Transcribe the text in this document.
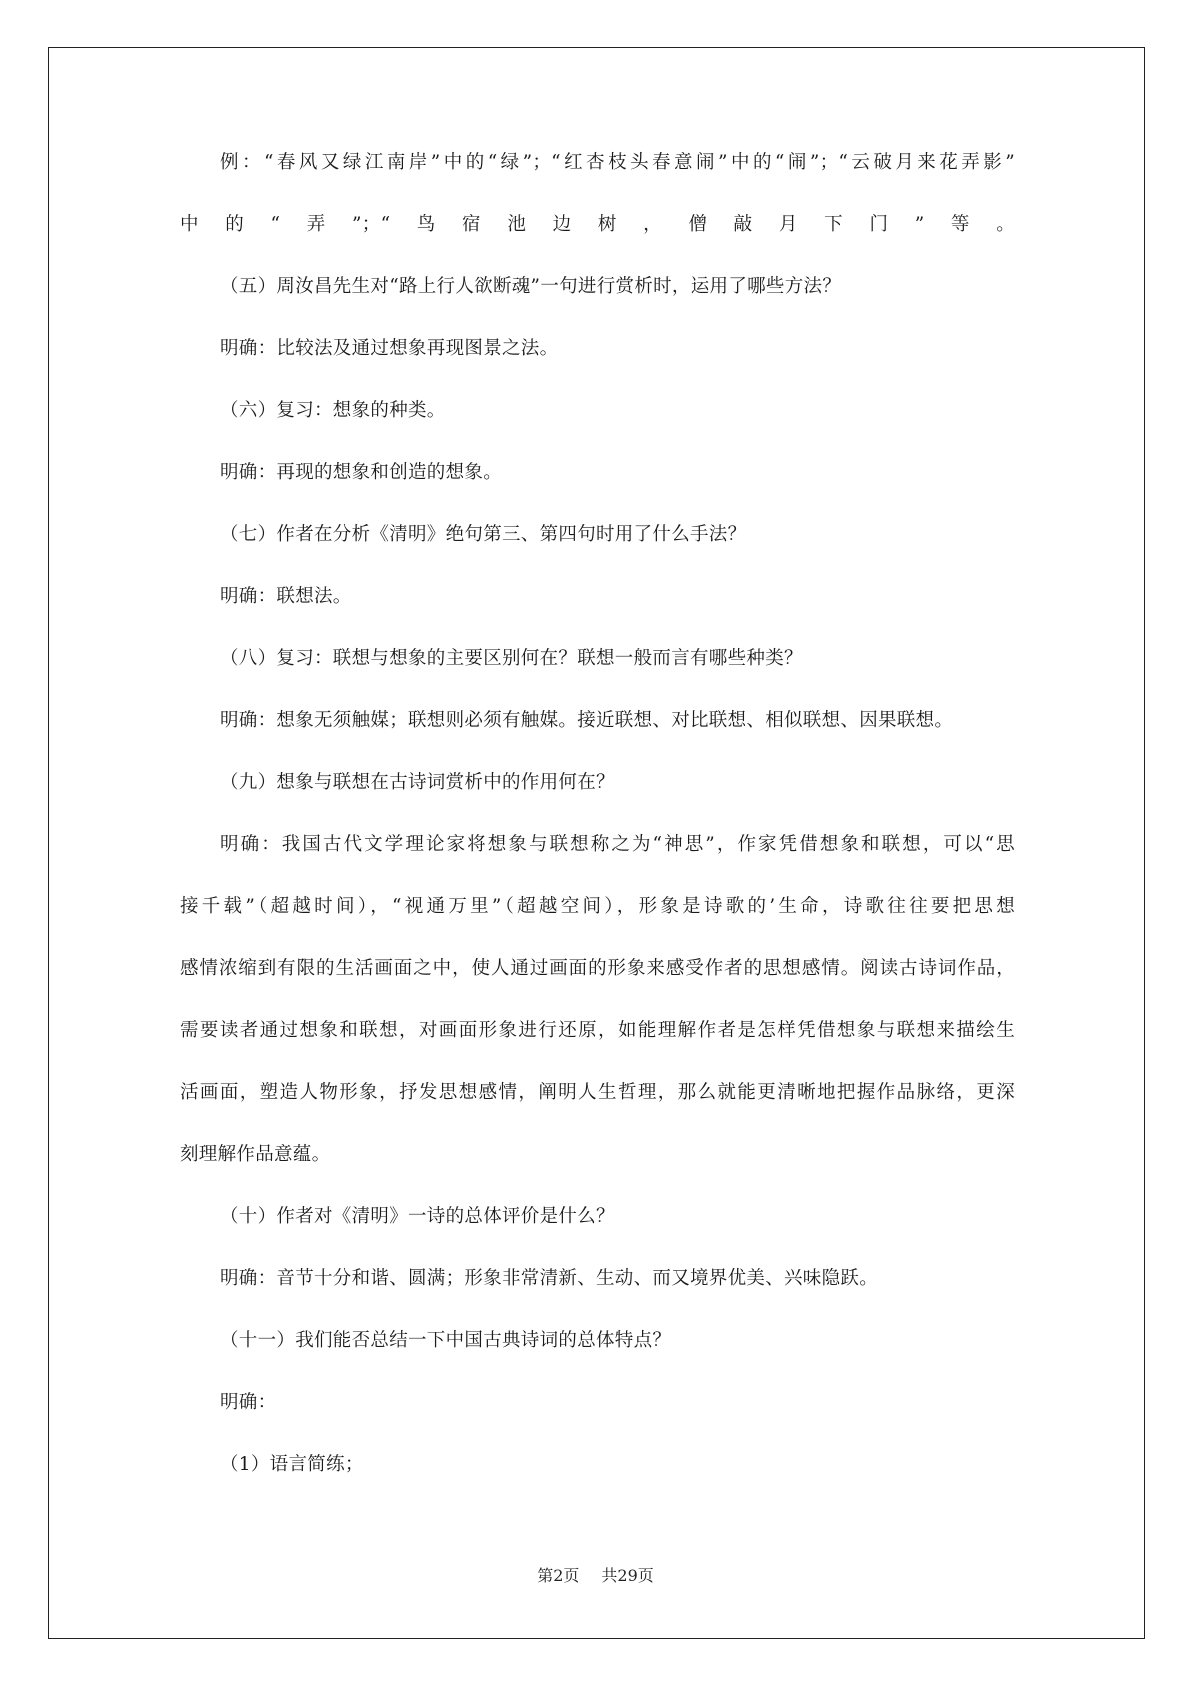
例：“春风又绿江南岸”中的“绿”；“红杏枝头春意闹”中的“闹”；“云破月来花弄影”
中的“弄”；“鸟宿池边树，僧敲月下门”等。
（五）周汝昌先生对“路上行人欲断魂”一句进行赏析时，运用了哪些方法？
明确：比较法及通过想象再现图景之法。
（六）复习：想象的种类。
明确：再现的想象和创造的想象。
（七）作者在分析《清明》绝句第三、第四句时用了什么手法？
明确：联想法。
（八）复习：联想与想象的主要区别何在？联想一般而言有哪些种类？
明确：想象无须触媒；联想则必须有触媒。接近联想、对比联想、相似联想、因果联想。
（九）想象与联想在古诗词赏析中的作用何在？
明确：我国古代文学理论家将想象与联想称之为“神思”，作家凭借想象和联想，可以“思
接千载”（超越时间），“视通万里”（超越空间），形象是诗歌的’生命，诗歌往往要把思想
感情浓缩到有限的生活画面之中，使人通过画面的形象来感受作者的思想感情。阅读古诗词作品，
需要读者通过想象和联想，对画面形象进行还原，如能理解作者是怎样凭借想象与联想来描绘生
活画面，塑造人物形象，抒发思想感情，阐明人生哲理，那么就能更清晰地把握作品脉络，更深
刻理解作品意蕴。
（十）作者对《清明》一诗的总体评价是什么？
明确：音节十分和谐、圆满；形象非常清新、生动、而又境界优美、兴味隐跃。
（十一）我们能否总结一下中国古典诗词的总体特点？
明确：
（1）语言简练；
第2页 共29页
